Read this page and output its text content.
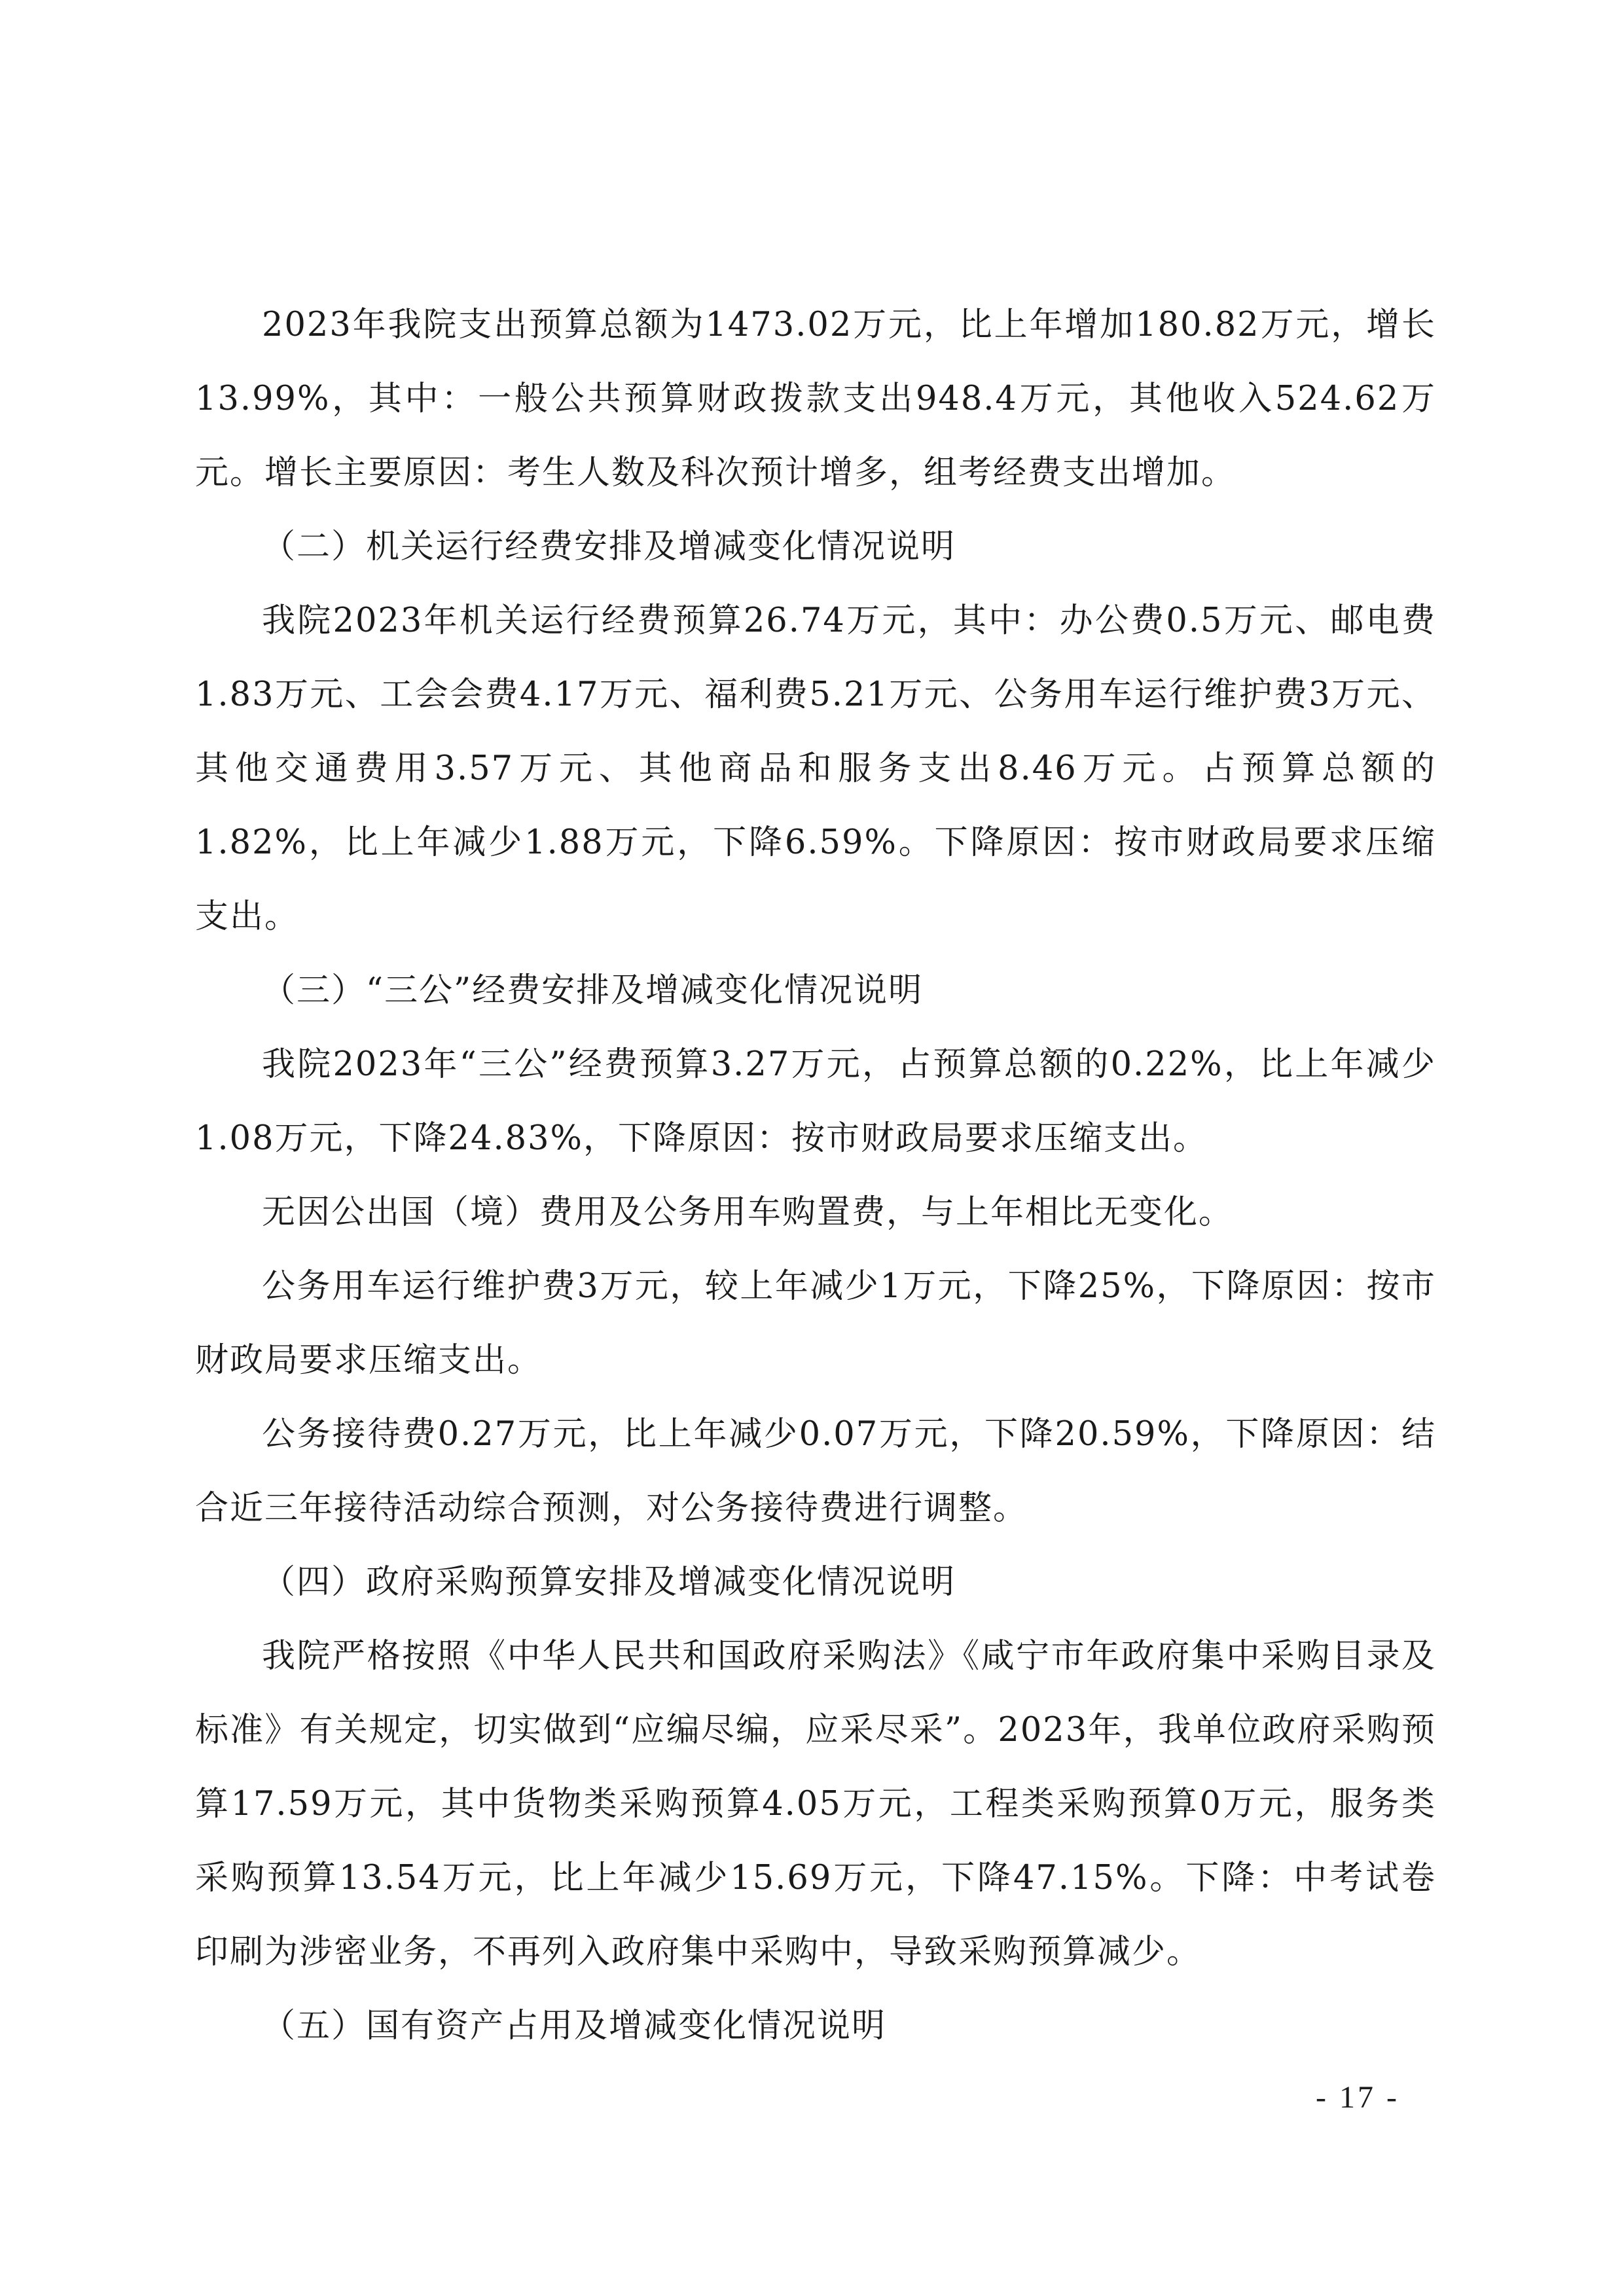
2023年我院支出预算总额为1473.02万元，比上年增加180.82万元，增长13.99%，其中：一般公共预算财政拨款支出948.4万元，其他收入524.62万元。增长主要原因：考生人数及科次预计增多，组考经费支出增加。

（二）机关运行经费安排及增减变化情况说明

我院2023年机关运行经费预算26.74万元，其中：办公费0.5万元、邮电费1.83万元、工会会费4.17万元、福利费5.21万元、公务用车运行维护费3万元、其他交通费用3.57万元、其他商品和服务支出8.46万元。占预算总额的1.82%，比上年减少1.88万元，下降6.59%。下降原因：按市财政局要求压缩支出。

（三）“三公”经费安排及增减变化情况说明

我院2023年“三公”经费预算3.27万元，占预算总额的0.22%，比上年减少1.08万元，下降24.83%，下降原因：按市财政局要求压缩支出。

无因公出国（境）费用及公务用车购置费，与上年相比无变化。

公务用车运行维护费3万元，较上年减少1万元，下降25%，下降原因：按市财政局要求压缩支出。

公务接待费0.27万元，比上年减少0.07万元，下降20.59%，下降原因：结合近三年接待活动综合预测，对公务接待费进行调整。

（四）政府采购预算安排及增减变化情况说明

我院严格按照《中华人民共和国政府采购法》《咸宁市年政府集中采购目录及标准》有关规定，切实做到“应编尽编，应采尽采”。2023年，我单位政府采购预算17.59万元，其中货物类采购预算4.05万元，工程类采购预算0万元，服务类采购预算13.54万元，比上年减少15.69万元，下降47.15%。下降：中考试卷印刷为涉密业务，不再列入政府集中采购中，导致采购预算减少。

（五）国有资产占用及增减变化情况说明

- 17 -
